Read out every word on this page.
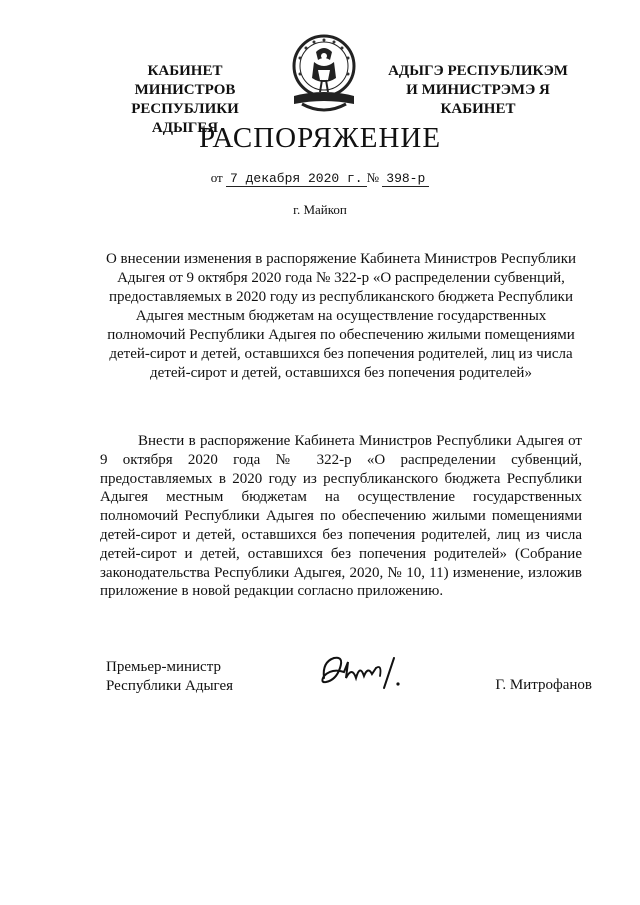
КАБИНЕТ МИНИСТРОВ
РЕСПУБЛИКИ АДЫГЕЯ
АДЫГЭ РЕСПУБЛИКЭМ
И МИНИСТРЭМЭ Я КАБИНЕТ
РАСПОРЯЖЕНИЕ
от 7 декабря 2020 г. № 398-р
г. Майкоп
О внесении изменения в распоряжение Кабинета Министров Республики Адыгея от 9 октября 2020 года № 322-р «О распределении субвенций, предоставляемых в 2020 году из республиканского бюджета Республики Адыгея местным бюджетам на осуществление государственных полномочий Республики Адыгея по обеспечению жилыми помещениями детей-сирот и детей, оставшихся без попечения родителей, лиц из числа детей-сирот и детей, оставшихся без попечения родителей»
Внести в распоряжение Кабинета Министров Республики Адыгея от 9 октября 2020 года № 322-р «О распределении субвенций, предоставляемых в 2020 году из республиканского бюджета Республики Адыгея местным бюджетам на осуществление государственных полномочий Республики Адыгея по обеспечению жилыми помещениями детей-сирот и детей, оставшихся без попечения родителей, лиц из числа детей-сирот и детей, оставшихся без попечения родителей» (Собрание законодательства Республики Адыгея, 2020, № 10, 11) изменение, изложив приложение в новой редакции согласно приложению.
Премьер-министр
Республики Адыгея	Г. Митрофанов
